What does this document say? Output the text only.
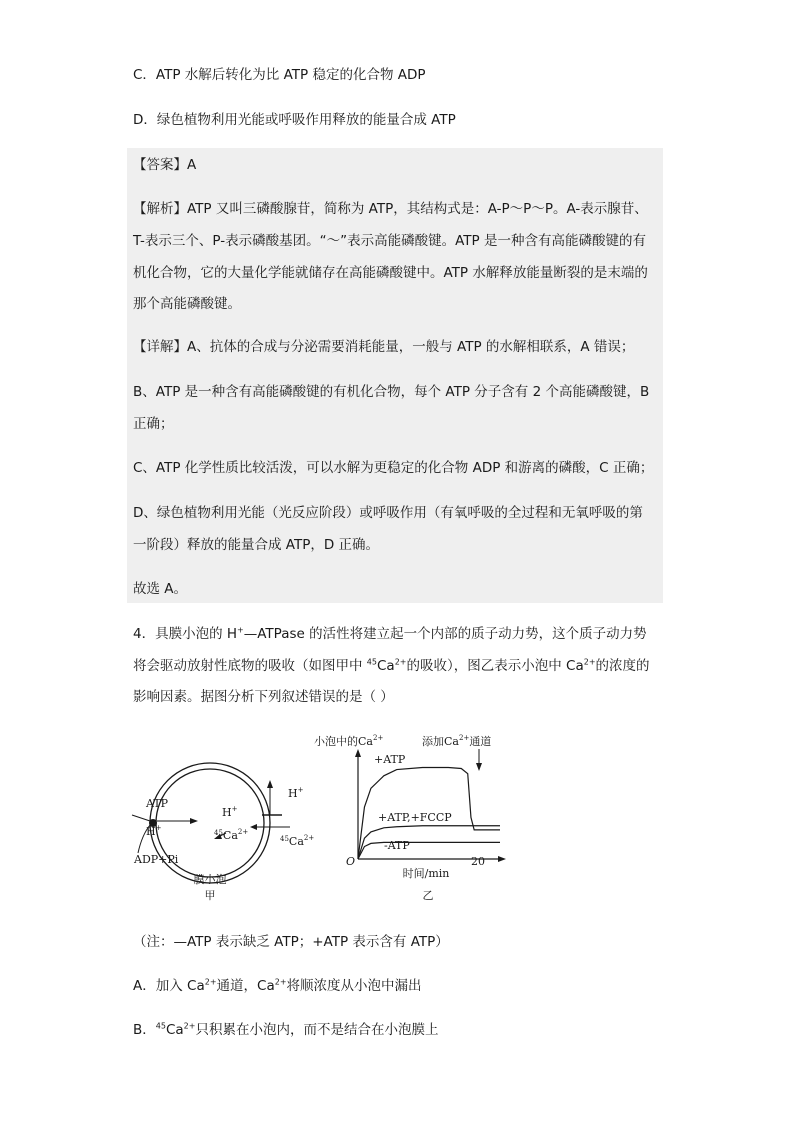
C．ATP 水解后转化为比 ATP 稳定的化合物 ADP
D．绿色植物利用光能或呼吸作用释放的能量合成 ATP
【答案】A
【解析】ATP 又叫三磷酸腺苷，简称为 ATP，其结构式是：A-P～P～P。A-表示腺苷、
T-表示三个、P-表示磷酸基团。“～”表示高能磷酸键。ATP 是一种含有高能磷酸键的有
机化合物，它的大量化学能就储存在高能磷酸键中。ATP 水解释放能量断裂的是末端的
那个高能磷酸键。
【详解】A、抗体的合成与分泌需要消耗能量，一般与 ATP 的水解相联系，A 错误；
B、ATP 是一种含有高能磷酸键的有机化合物，每个 ATP 分子含有 2 个高能磷酸键，B
正确；
C、ATP 化学性质比较活泼，可以水解为更稳定的化合物 ADP 和游离的磷酸，C 正确；
D、绿色植物利用光能（光反应阶段）或呼吸作用（有氧呼吸的全过程和无氧呼吸的第
一阶段）释放的能量合成 ATP，D 正确。
故选 A。
4．具膜小泡的 H+—ATPase 的活性将建立起一个内部的质子动力势，这个质子动力势
将会驱动放射性底物的吸收（如图甲中 $^{45}Ca^{2+}$的吸收），图乙表示小泡中 $Ca^{2+}$的浓度的
影响因素。据图分析下列叙述错误的是（ ）
ATP
H+
ADP+Pi
H+
$^{45}Ca^{2+}$
$^{45}Ca^{2+}$
H+
膜小泡
甲
小泡中的$Ca^{2+}$	添加$Ca^{2+}$通道
O	20
时间/min
乙
+ATP
+ATP,+FCCP
-ATP
（注：—ATP 表示缺乏 ATP；+ATP 表示含有 ATP）
A．加入 $Ca^{2+}$通道，$Ca^{2+}$将顺浓度从小泡中漏出
B．$^{45}Ca^{2+}$只积累在小泡内，而不是结合在小泡膜上
